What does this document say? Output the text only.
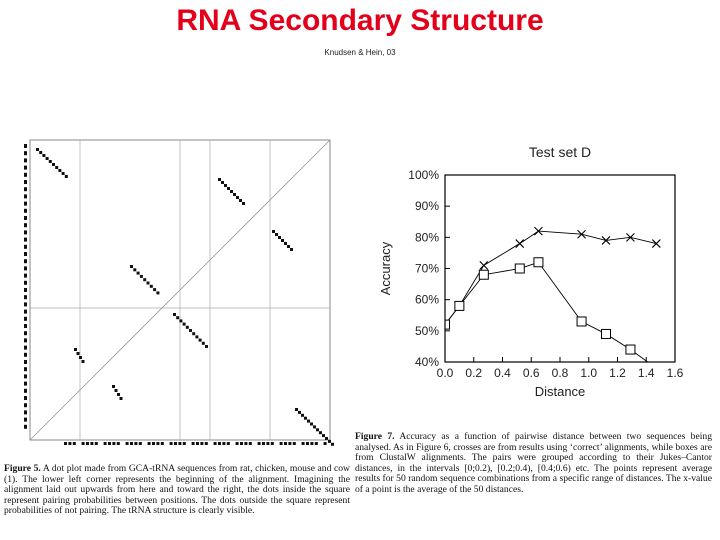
RNA Secondary Structure
Knudsen & Hein, 03
Test set D
Accuracy
Distance
40%
50%
60%
70%
80%
90%
100%
0.0 0.2 0.4 0.6 0.8 1.0 1.2 1.4 1.6
Figure 5. A dot plot made from GCA-tRNA sequences from rat, chicken, mouse and cow (1). The lower left corner represents the beginning of the alignment. Imagining the alignment laid out upwards from here and toward the right, the dots inside the square represent pairing probabilities between positions. The dots outside the square represent probabilities of not pairing. The tRNA structure is clearly visible.
Figure 7. Accuracy as a function of pairwise distance between two sequences being analysed. As in Figure 6, crosses are from results using ‘correct’ alignments, while boxes are from ClustalW alignments. The pairs were grouped according to their Jukes–Cantor distances, in the intervals [0;0.2), [0.2;0.4), [0.4;0.6) etc. The points represent average results for 50 random sequence combinations from a specific range of distances. The x-value of a point is the average of the 50 distances.
